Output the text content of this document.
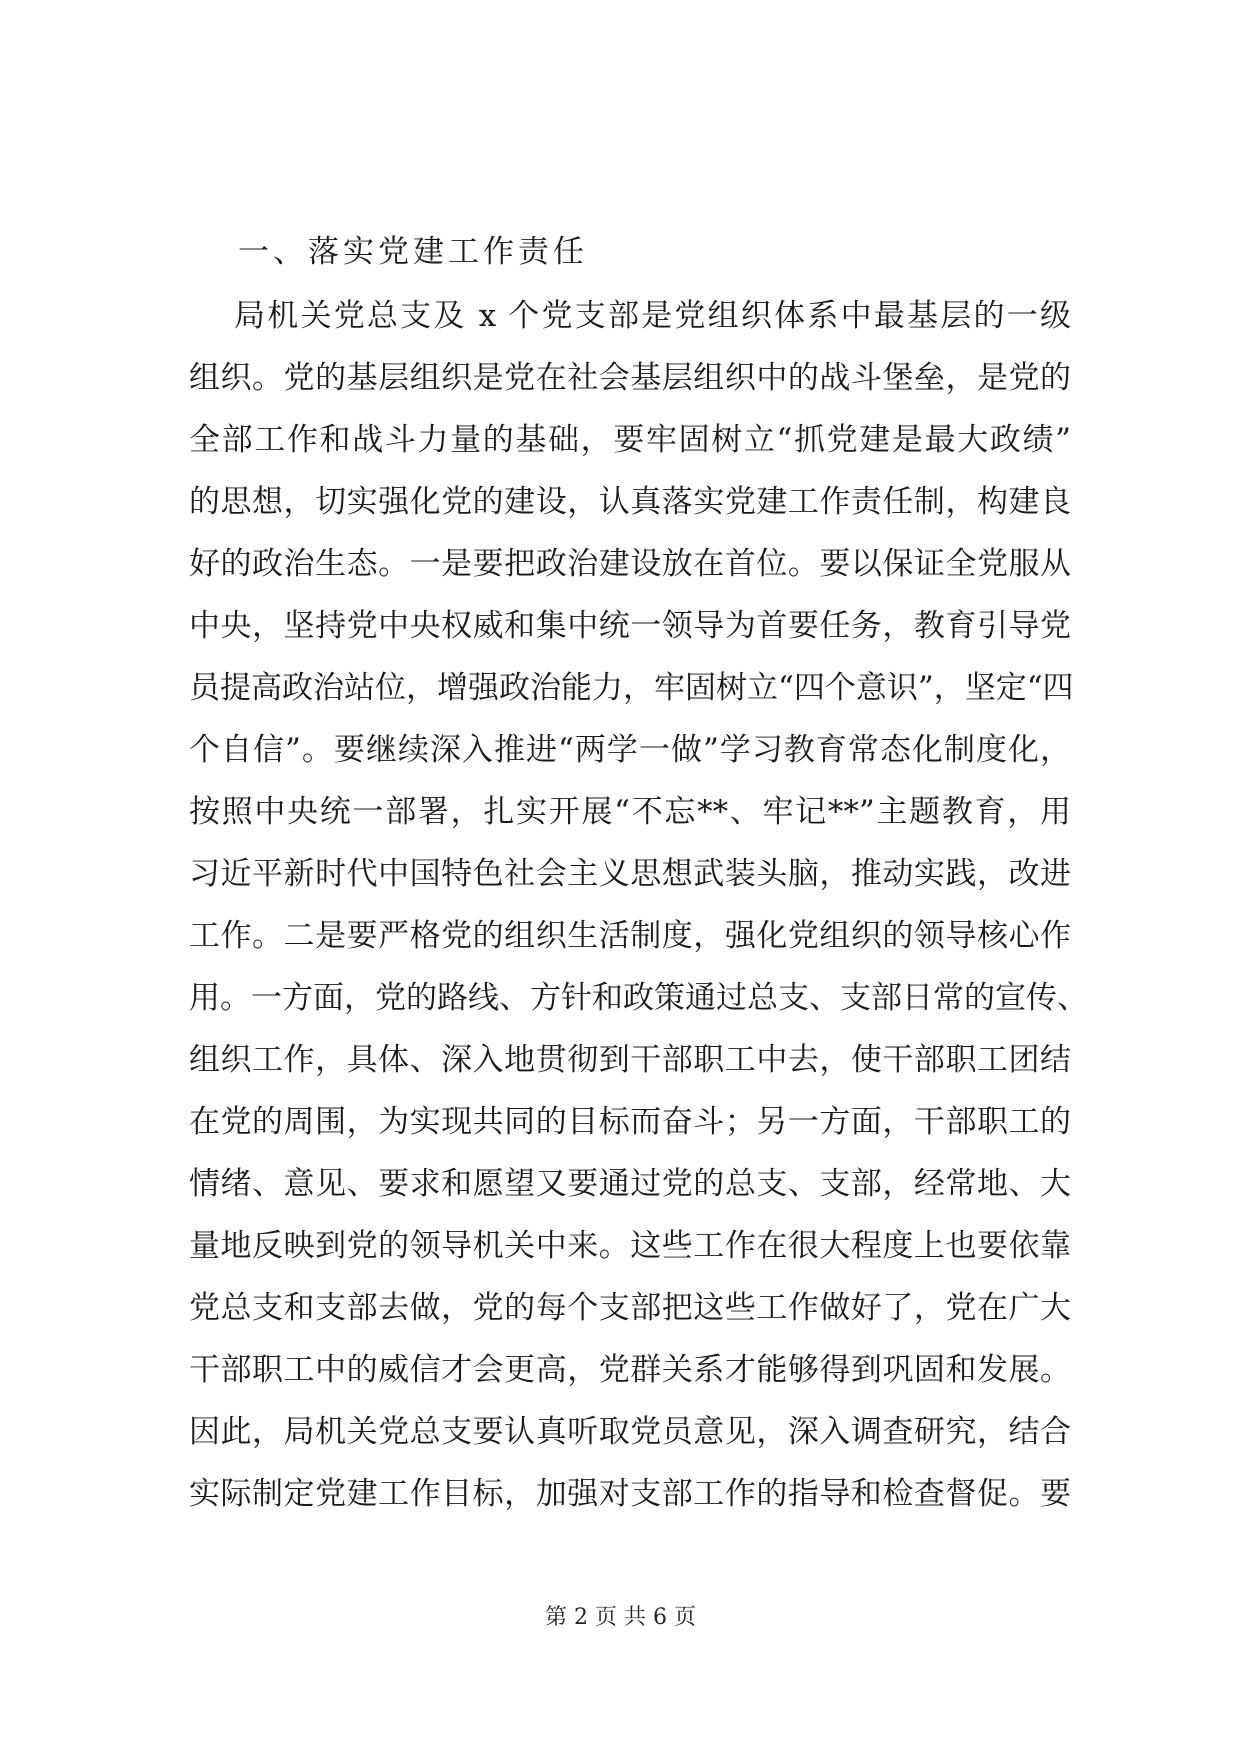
一、落实党建工作责任
局机关党总支及 x 个党支部是党组织体系中最基层的一级
组织。党的基层组织是党在社会基层组织中的战斗堡垒，是党的
全部工作和战斗力量的基础，要牢固树立“抓党建是最大政绩”
的思想，切实强化党的建设，认真落实党建工作责任制，构建良
好的政治生态。一是要把政治建设放在首位。要以保证全党服从
中央，坚持党中央权威和集中统一领导为首要任务，教育引导党
员提高政治站位，增强政治能力，牢固树立“四个意识”，坚定“四
个自信”。要继续深入推进“两学一做”学习教育常态化制度化，
按照中央统一部署，扎实开展“不忘**、牢记**”主题教育，用
习近平新时代中国特色社会主义思想武装头脑，推动实践，改进
工作。二是要严格党的组织生活制度，强化党组织的领导核心作
用。一方面，党的路线、方针和政策通过总支、支部日常的宣传、
组织工作，具体、深入地贯彻到干部职工中去，使干部职工团结
在党的周围，为实现共同的目标而奋斗；另一方面，干部职工的
情绪、意见、要求和愿望又要通过党的总支、支部，经常地、大
量地反映到党的领导机关中来。这些工作在很大程度上也要依靠
党总支和支部去做，党的每个支部把这些工作做好了，党在广大
干部职工中的威信才会更高，党群关系才能够得到巩固和发展。
因此，局机关党总支要认真听取党员意见，深入调查研究，结合
实际制定党建工作目标，加强对支部工作的指导和检查督促。要
第 2 页 共 6 页
